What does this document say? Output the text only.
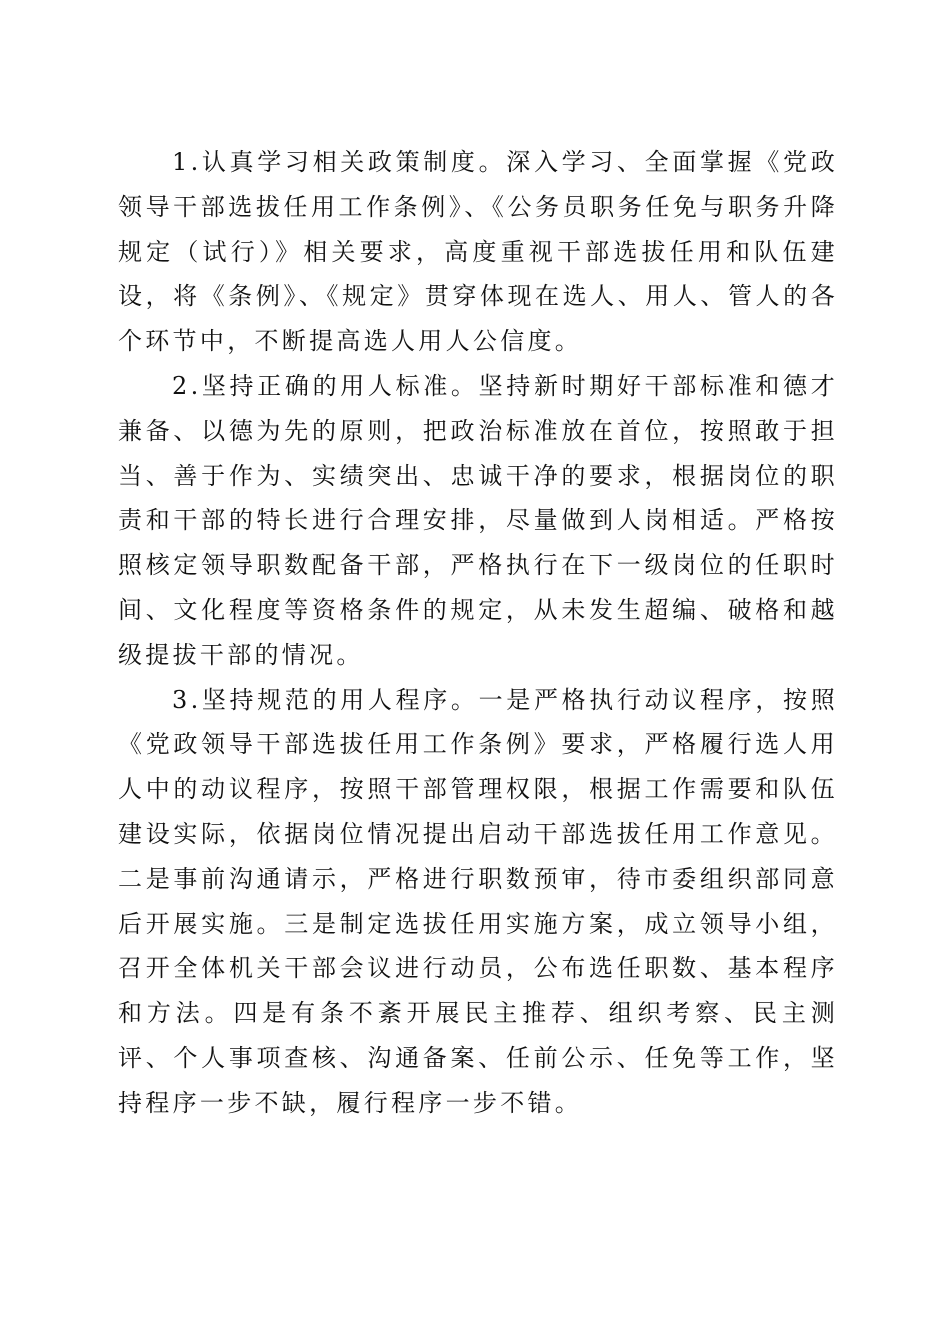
1.认真学习相关政策制度。深入学习、全面掌握《党政领导干部选拔任用工作条例》、《公务员职务任免与职务升降规定（试行）》相关要求，高度重视干部选拔任用和队伍建设，将《条例》、《规定》贯穿体现在选人、用人、管人的各个环节中，不断提高选人用人公信度。

2.坚持正确的用人标准。坚持新时期好干部标准和德才兼备、以德为先的原则，把政治标准放在首位，按照敢于担当、善于作为、实绩突出、忠诚干净的要求，根据岗位的职责和干部的特长进行合理安排，尽量做到人岗相适。严格按照核定领导职数配备干部，严格执行在下一级岗位的任职时间、文化程度等资格条件的规定，从未发生超编、破格和越级提拔干部的情况。

3.坚持规范的用人程序。一是严格执行动议程序，按照《党政领导干部选拔任用工作条例》要求，严格履行选人用人中的动议程序，按照干部管理权限，根据工作需要和队伍建设实际，依据岗位情况提出启动干部选拔任用工作意见。二是事前沟通请示，严格进行职数预审，待市委组织部同意后开展实施。三是制定选拔任用实施方案，成立领导小组，召开全体机关干部会议进行动员，公布选任职数、基本程序和方法。四是有条不紊开展民主推荐、组织考察、民主测评、个人事项查核、沟通备案、任前公示、任免等工作，坚持程序一步不缺，履行程序一步不错。
